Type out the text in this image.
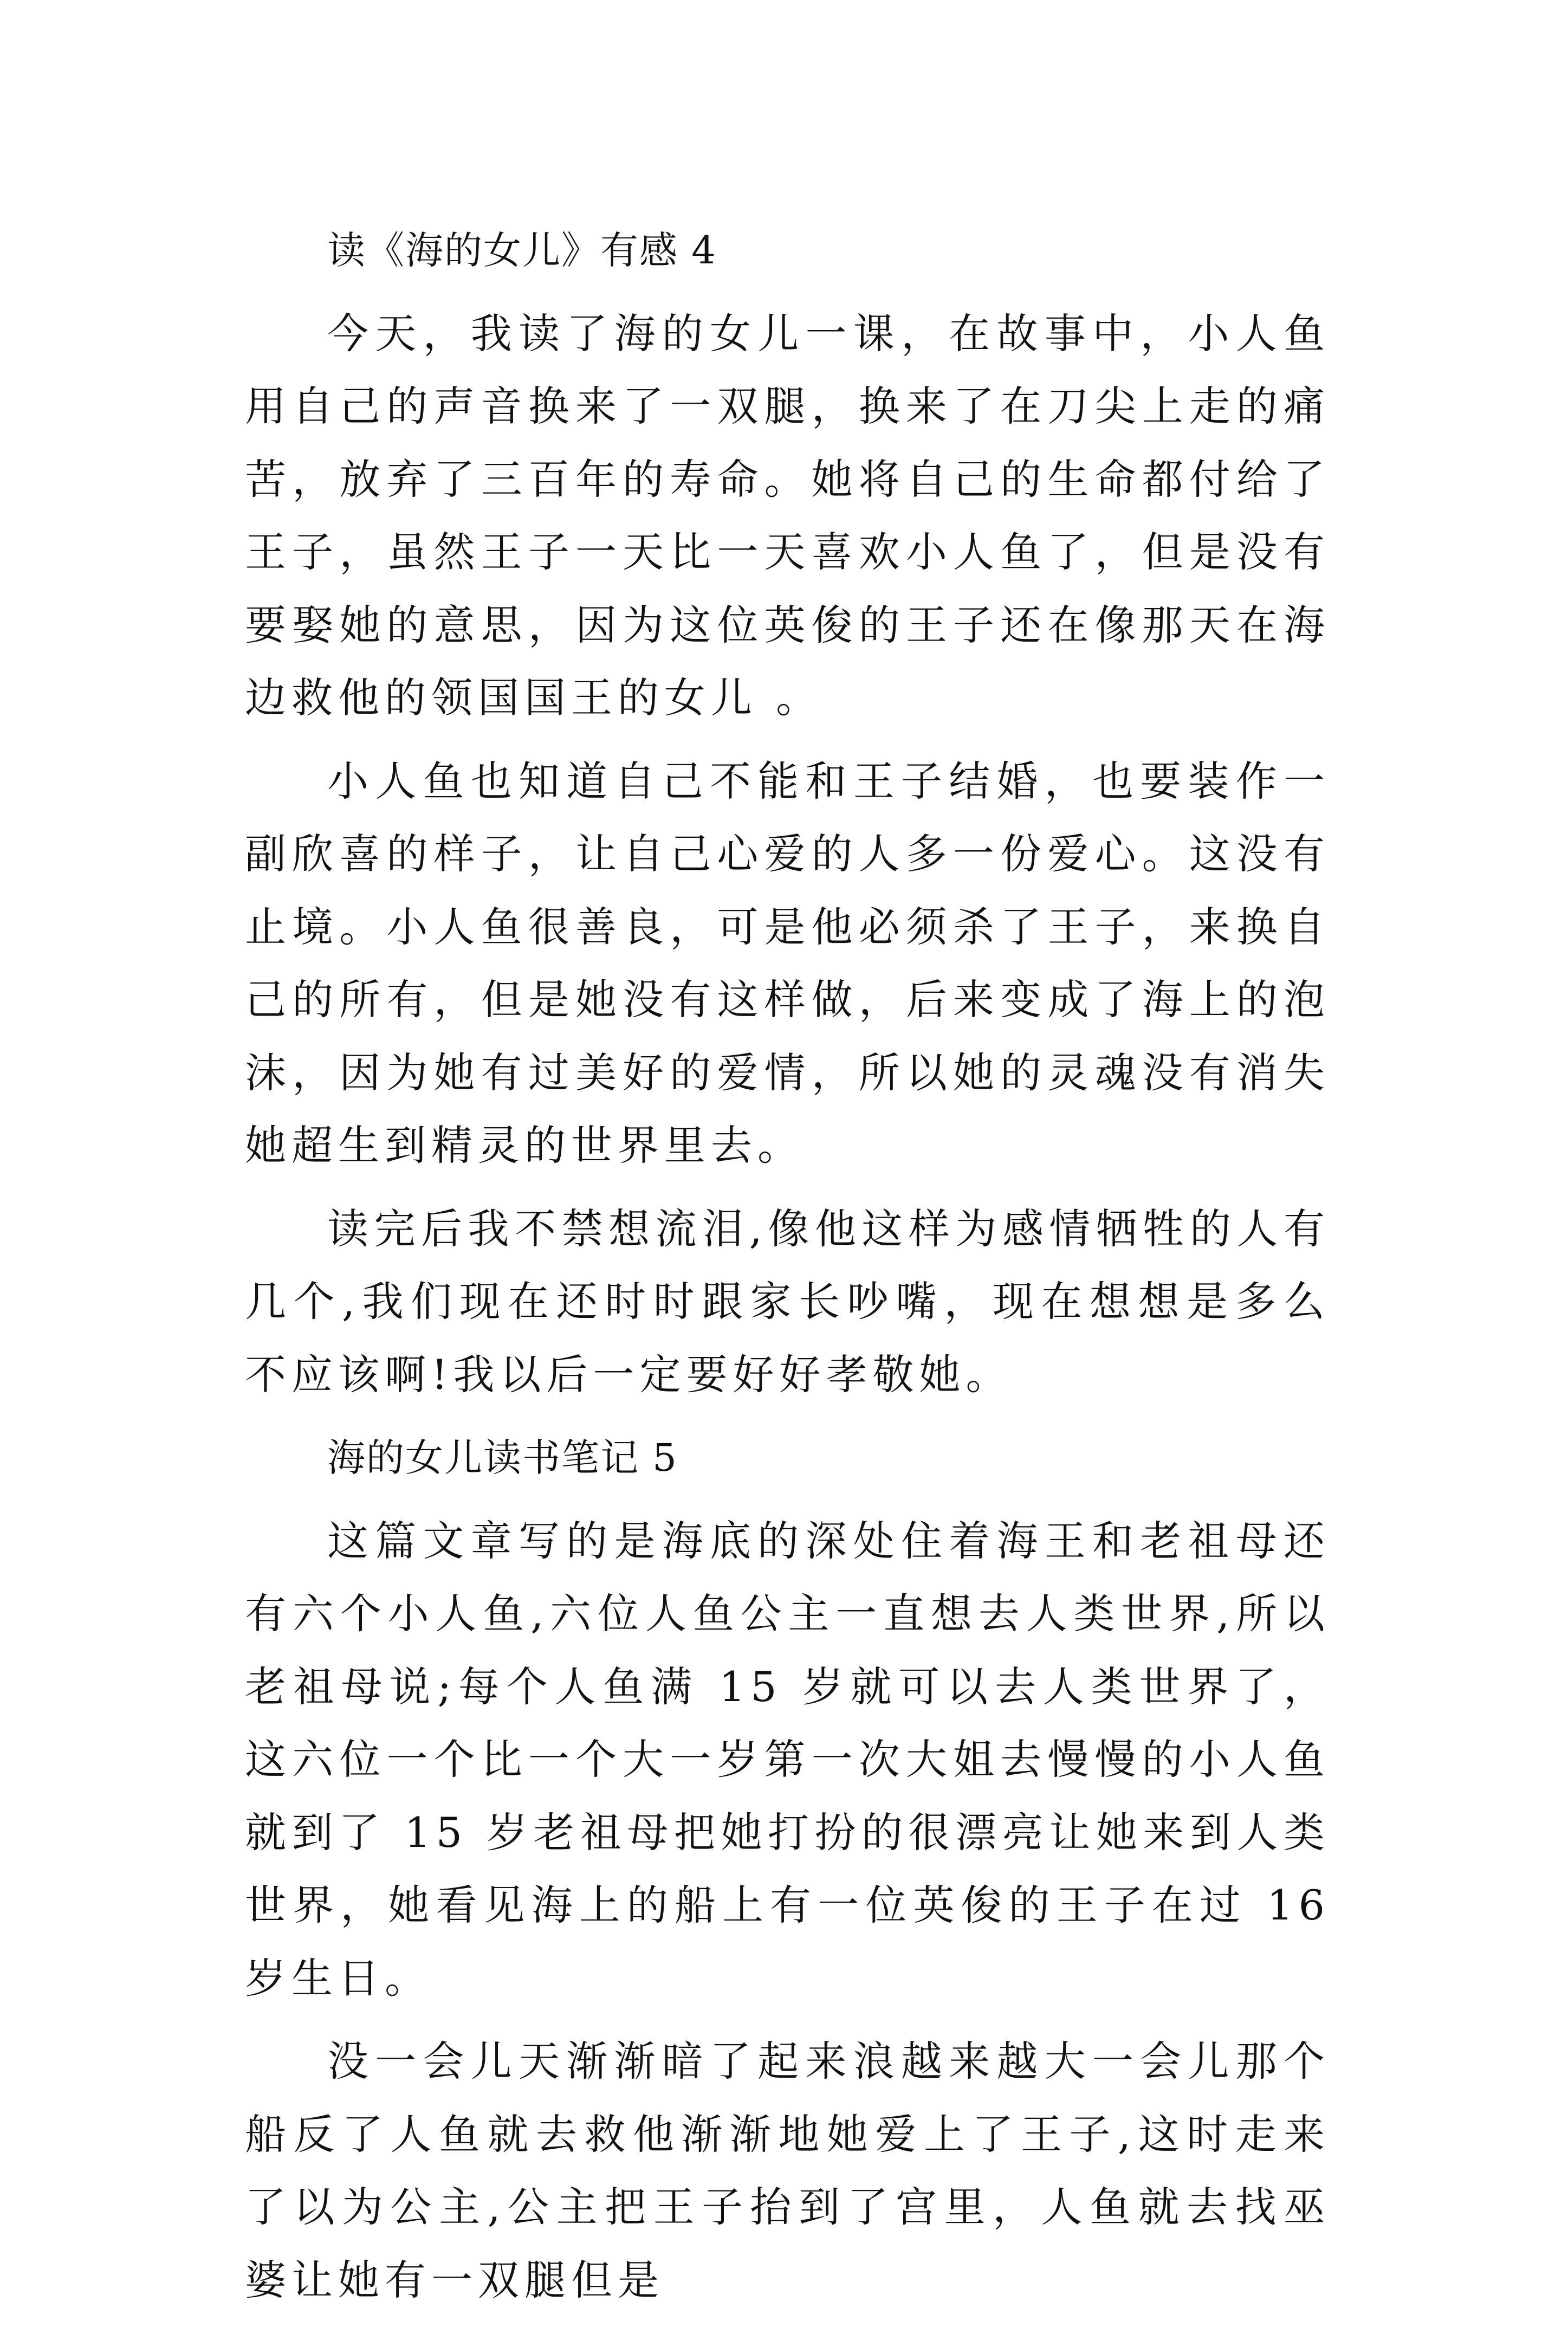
读《海的女儿》有感 4

今天，我读了海的女儿一课，在故事中，小人鱼用自己的声音换来了一双腿，换来了在刀尖上走的痛苦，放弃了三百年的寿命。她将自己的生命都付给了王子，虽然王子一天比一天喜欢小人鱼了，但是没有要娶她的意思，因为这位英俊的王子还在像那天在海边救他的领国国王的女儿 。

小人鱼也知道自己不能和王子结婚，也要装作一副欣喜的样子，让自己心爱的人多一份爱心。这没有止境。小人鱼很善良，可是他必须杀了王子，来换自己的所有，但是她没有这样做，后来变成了海上的泡沫，因为她有过美好的爱情，所以她的灵魂没有消失她超生到精灵的世界里去。

读完后我不禁想流泪,像他这样为感情牺牲的人有几个,我们现在还时时跟家长吵嘴，现在想想是多么不应该啊!我以后一定要好好孝敬她。

海的女儿读书笔记 5

这篇文章写的是海底的深处住着海王和老祖母还有六个小人鱼,六位人鱼公主一直想去人类世界,所以老祖母说;每个人鱼满 15 岁就可以去人类世界了，这六位一个比一个大一岁第一次大姐去慢慢的小人鱼就到了 15 岁老祖母把她打扮的很漂亮让她来到人类世界，她看见海上的船上有一位英俊的王子在过 16 岁生日。

没一会儿天渐渐暗了起来浪越来越大一会儿那个船反了人鱼就去救他渐渐地她爱上了王子,这时走来了以为公主,公主把王子抬到了宫里，人鱼就去找巫婆让她有一双腿但是
